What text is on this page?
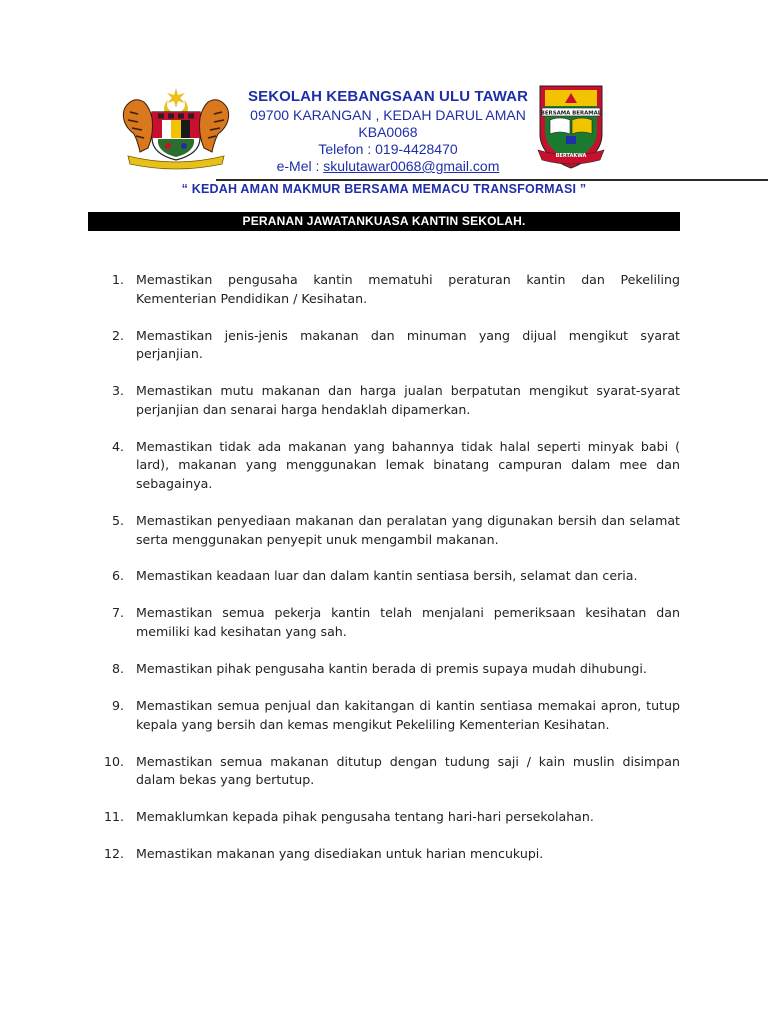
SEKOLAH KEBANGSAAN ULU TAWAR
09700 KARANGAN , KEDAH DARUL AMAN
KBA0068
Telefon : 019-4428470
e-Mel : skulutawar0068@gmail.com
BERSAMA BERAMAL
BERTAKWA
“ KEDAH AMAN MAKMUR BERSAMA MEMACU TRANSFORMASI ”
PERANAN JAWATANKUASA KANTIN SEKOLAH.
1. Memastikan pengusaha kantin mematuhi peraturan kantin dan Pekeliling Kementerian Pendidikan / Kesihatan.
2. Memastikan jenis-jenis makanan dan minuman yang dijual mengikut syarat perjanjian.
3. Memastikan mutu makanan dan harga jualan berpatutan mengikut syarat-syarat perjanjian dan senarai harga hendaklah dipamerkan.
4. Memastikan tidak ada makanan yang bahannya tidak halal seperti minyak babi ( lard), makanan yang menggunakan lemak binatang campuran dalam mee dan sebagainya.
5. Memastikan penyediaan makanan dan peralatan yang digunakan bersih dan selamat serta menggunakan penyepit unuk mengambil makanan.
6. Memastikan keadaan luar dan dalam kantin sentiasa bersih, selamat dan ceria.
7. Memastikan semua pekerja kantin telah menjalani pemeriksaan kesihatan dan memiliki kad kesihatan yang sah.
8. Memastikan pihak pengusaha kantin berada di premis supaya mudah dihubungi.
9. Memastikan semua penjual dan kakitangan di kantin sentiasa memakai apron, tutup kepala yang bersih dan kemas mengikut Pekeliling Kementerian Kesihatan.
10. Memastikan semua makanan ditutup dengan tudung saji / kain muslin disimpan dalam bekas yang bertutup.
11. Memaklumkan kepada pihak pengusaha tentang hari-hari persekolahan.
12. Memastikan makanan yang disediakan untuk harian mencukupi.
